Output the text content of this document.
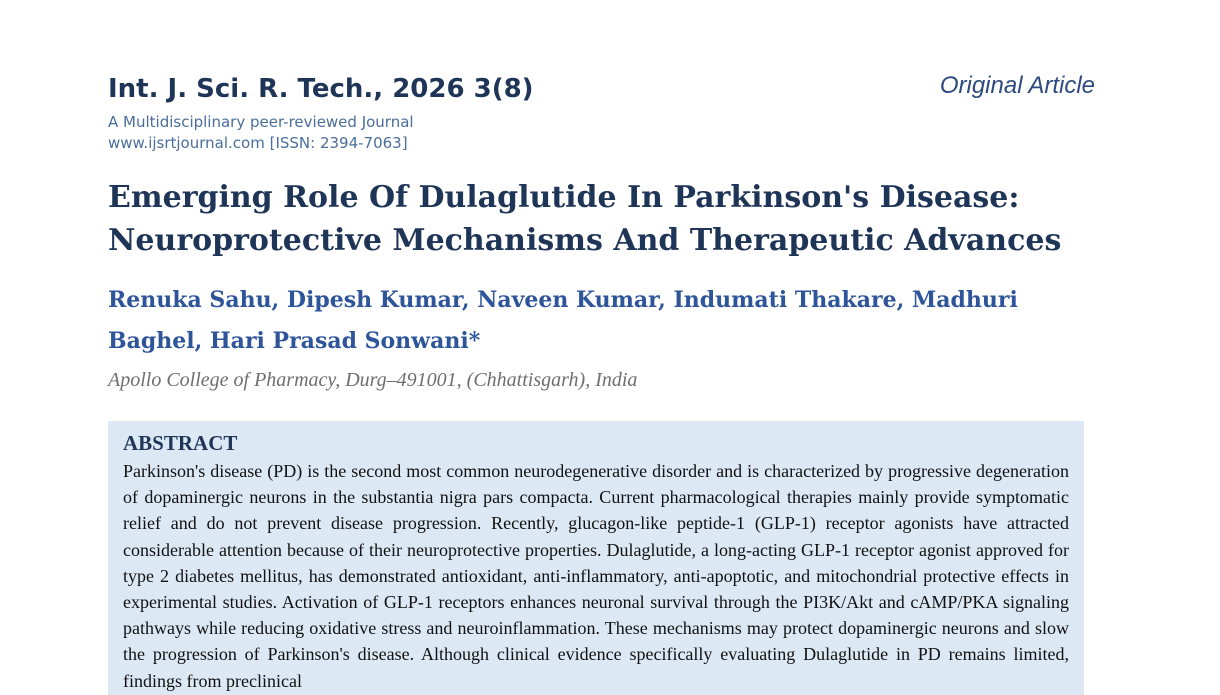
Int. J. Sci. R. Tech., 2026 3(8)
A Multidisciplinary peer-reviewed Journal
www.ijsrtjournal.com [ISSN: 2394-7063]
Original Article
Emerging Role Of Dulaglutide In Parkinson's Disease: Neuroprotective Mechanisms And Therapeutic Advances
Renuka Sahu, Dipesh Kumar, Naveen Kumar, Indumati Thakare, Madhuri Baghel, Hari Prasad Sonwani*
Apollo College of Pharmacy, Durg–491001, (Chhattisgarh), India
ABSTRACT

Parkinson's disease (PD) is the second most common neurodegenerative disorder and is characterized by progressive degeneration of dopaminergic neurons in the substantia nigra pars compacta. Current pharmacological therapies mainly provide symptomatic relief and do not prevent disease progression. Recently, glucagon-like peptide-1 (GLP-1) receptor agonists have attracted considerable attention because of their neuroprotective properties. Dulaglutide, a long-acting GLP-1 receptor agonist approved for type 2 diabetes mellitus, has demonstrated antioxidant, anti-inflammatory, anti-apoptotic, and mitochondrial protective effects in experimental studies. Activation of GLP-1 receptors enhances neuronal survival through the PI3K/Akt and cAMP/PKA signaling pathways while reducing oxidative stress and neuroinflammation. These mechanisms may protect dopaminergic neurons and slow the progression of Parkinson's disease. Although clinical evidence specifically evaluating Dulaglutide in PD remains limited, findings from preclinical
